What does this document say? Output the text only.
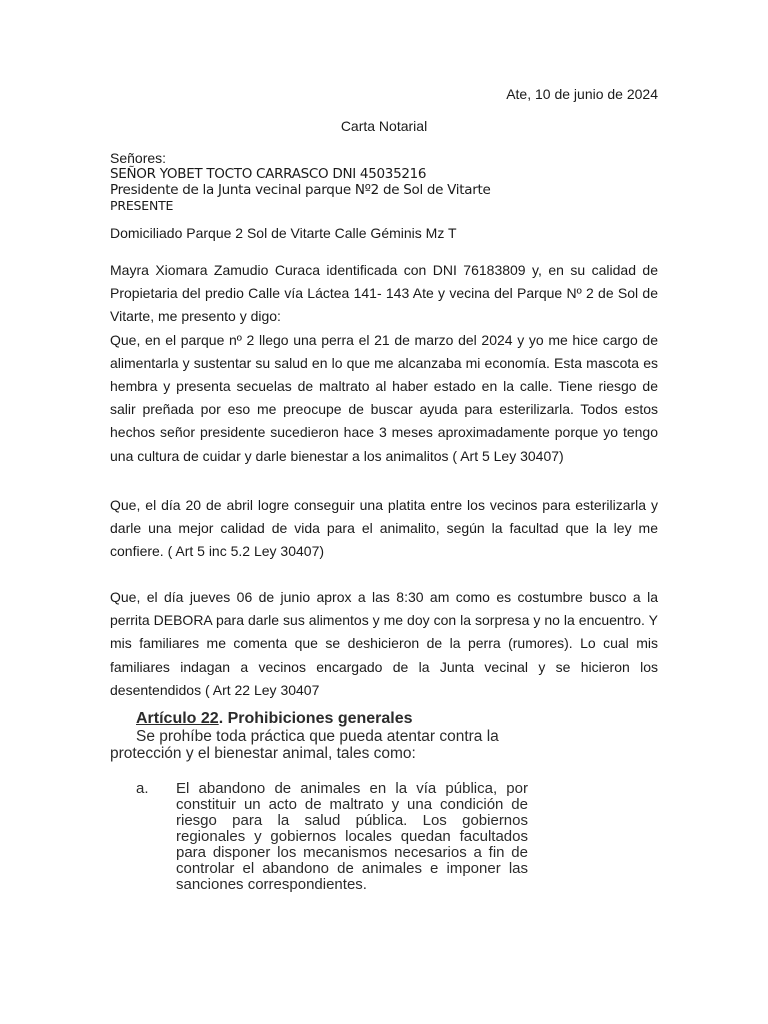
Ate, 10 de junio de 2024
Carta Notarial
Señores:
SEÑOR YOBET TOCTO CARRASCO DNI 45035216
Presidente de la Junta vecinal parque Nº2 de Sol de Vitarte
PRESENTE
Domiciliado Parque 2 Sol de Vitarte Calle Géminis Mz T
Mayra Xiomara Zamudio Curaca identificada con DNI 76183809 y, en su calidad de Propietaria del predio Calle vía Láctea 141- 143 Ate y vecina del Parque Nº 2 de Sol de Vitarte, me presento y digo:
Que, en el parque nº 2 llego una perra el 21 de marzo del 2024 y yo me hice cargo de alimentarla y sustentar su salud en lo que me alcanzaba mi economía. Esta mascota es hembra y presenta secuelas de maltrato al haber estado en la calle. Tiene riesgo de salir preñada por eso me preocupe de buscar ayuda para esterilizarla. Todos estos hechos señor presidente sucedieron hace 3 meses aproximadamente porque yo tengo una cultura de cuidar y darle bienestar a los animalitos ( Art 5 Ley 30407)

Que, el día 20 de abril logre conseguir una platita entre los vecinos para esterilizarla y darle una mejor calidad de vida para el animalito, según la facultad que la ley me confiere. ( Art 5 inc 5.2 Ley 30407)

Que, el día jueves 06 de junio aprox a las 8:30 am como es costumbre busco a la perrita DEBORA para darle sus alimentos y me doy con la sorpresa y no la encuentro. Y mis familiares me comenta que se deshicieron de la perra (rumores). Lo cual mis familiares indagan a vecinos encargado de la Junta vecinal y se hicieron los desentendidos ( Art 22 Ley 30407

Artículo 22. Prohibiciones generales
Se prohíbe toda práctica que pueda atentar contra la
protección y el bienestar animal, tales como:
a.	El abandono de animales en la vía pública, por constituir un acto de maltrato y una condición de riesgo para la salud pública. Los gobiernos regionales y gobiernos locales quedan facultados para disponer los mecanismos necesarios a fin de controlar el abandono de animales e imponer las sanciones correspondientes.
